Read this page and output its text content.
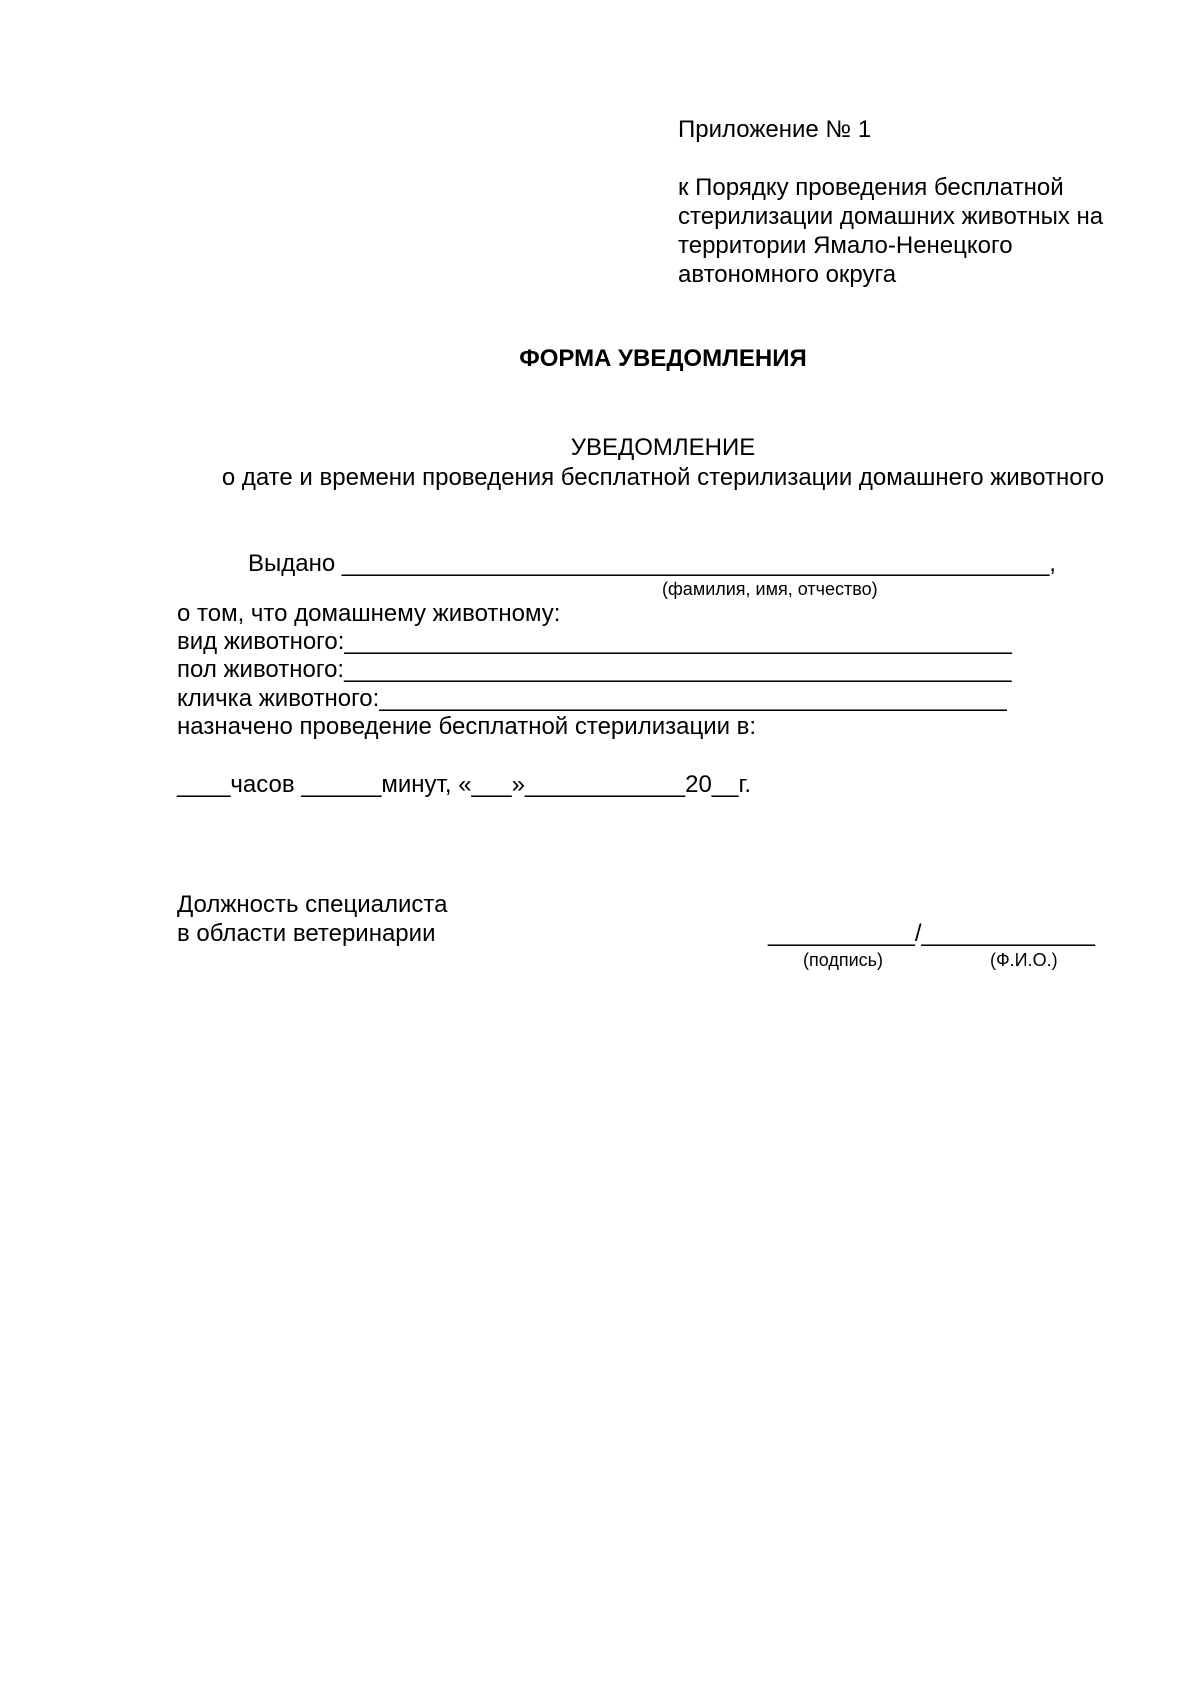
Приложение № 1
к Порядку проведения бесплатной
стерилизации домашних животных на
территории Ямало-Ненецкого
автономного округа
ФОРМА УВЕДОМЛЕНИЯ
УВЕДОМЛЕНИЕ
о дате и времени проведения бесплатной стерилизации домашнего животного
Выдано _____________________________________________________,
(фамилия, имя, отчество)
о том, что домашнему животному:
вид животного:__________________________________________________
пол животного:__________________________________________________
кличка животного:_______________________________________________
назначено проведение бесплатной стерилизации в:
____часов ______минут, «___»____________20__г.
Должность специалиста
в области ветеринарии	___________/_____________
(подпись)	(Ф.И.О.)
